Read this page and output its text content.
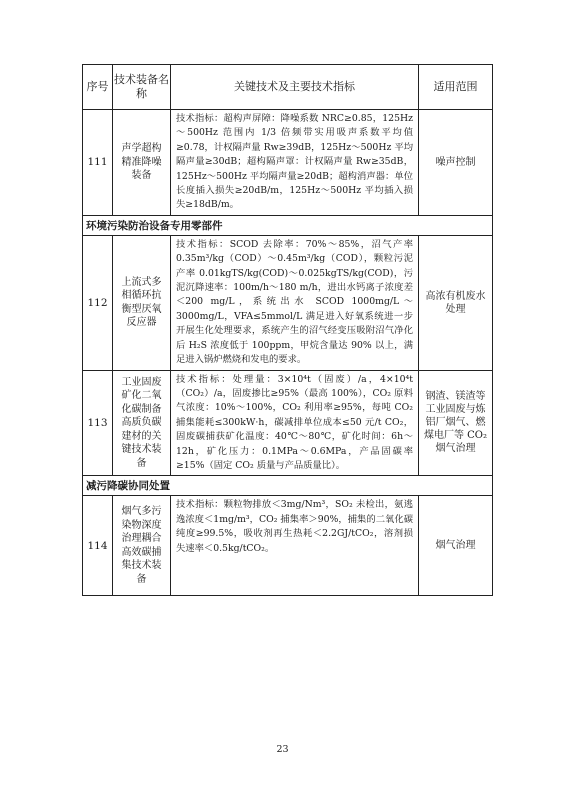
序号	技术装备名称	关键技术及主要技术指标	适用范围
111	声学超构精准降噪装备	技术指标：超构声屏障：降噪系数 NRC≥0.85，125Hz～500Hz 范围内 1/3 倍频带实用吸声系数平均值≥0.78，计权隔声量 Rw≥39dB，125Hz～500Hz 平均隔声量≥30dB；超构隔声罩：计权隔声量 Rw≥35dB，125Hz～500Hz 平均隔声量≥20dB；超构消声器：单位长度插入损失≥20dB/m，125Hz～500Hz 平均插入损失≥18dB/m。	噪声控制
环境污染防治设备专用零部件			
112	上流式多相循环抗衡型厌氧反应器	技术指标：SCOD 去除率：70%～85%，沼气产率 0.35m³/kg（COD）～0.45m³/kg（COD），颗粒污泥产率 0.01kgTS/kg(COD)～0.025kgTS/kg(COD)，污泥沉降速率：100m/h～180 m/h，进出水钙离子浓度差＜200 mg/L，系统出水 SCOD 1000mg/L～3000mg/L，VFA≤5mmol/L 满足进入好氧系统进一步开展生化处理要求，系统产生的沼气经变压吸附沼气净化后 H₂S 浓度低于 100ppm，甲烷含量达 90% 以上，满足进入锅炉燃烧和发电的要求。	高浓有机废水处理
113	工业固废矿化二氧化碳制备高质负碳建材的关键技术装备	技术指标：处理量：3×10⁴t（固废）/a，4×10⁴t（CO₂）/a，固废掺比≥95%（最高 100%），CO₂ 原料气浓度：10%～100%，CO₂ 利用率≥95%，每吨 CO₂ 捕集能耗≤300kW·h，碳减排单位成本≤50 元/t CO₂，固废碳捕获矿化温度：40℃～80℃，矿化时间：6h～12h，矿化压力：0.1MPa～0.6MPa，产品固碳率≥15%（固定 CO₂ 质量与产品质量比）。	钢渣、镁渣等工业固废与炼铝厂烟气、燃煤电厂等 CO₂ 烟气治理
减污降碳协同处置			
114	烟气多污染物深度治理耦合高效碳捕集技术装备	技术指标：颗粒物排放＜3mg/Nm³，SO₂ 未检出，氨逃逸浓度＜1mg/m³，CO₂ 捕集率＞90%，捕集的二氧化碳纯度≥99.5%，吸收剂再生热耗＜2.2GJ/tCO₂，溶剂损失速率＜0.5kg/tCO₂。	烟气治理
23
